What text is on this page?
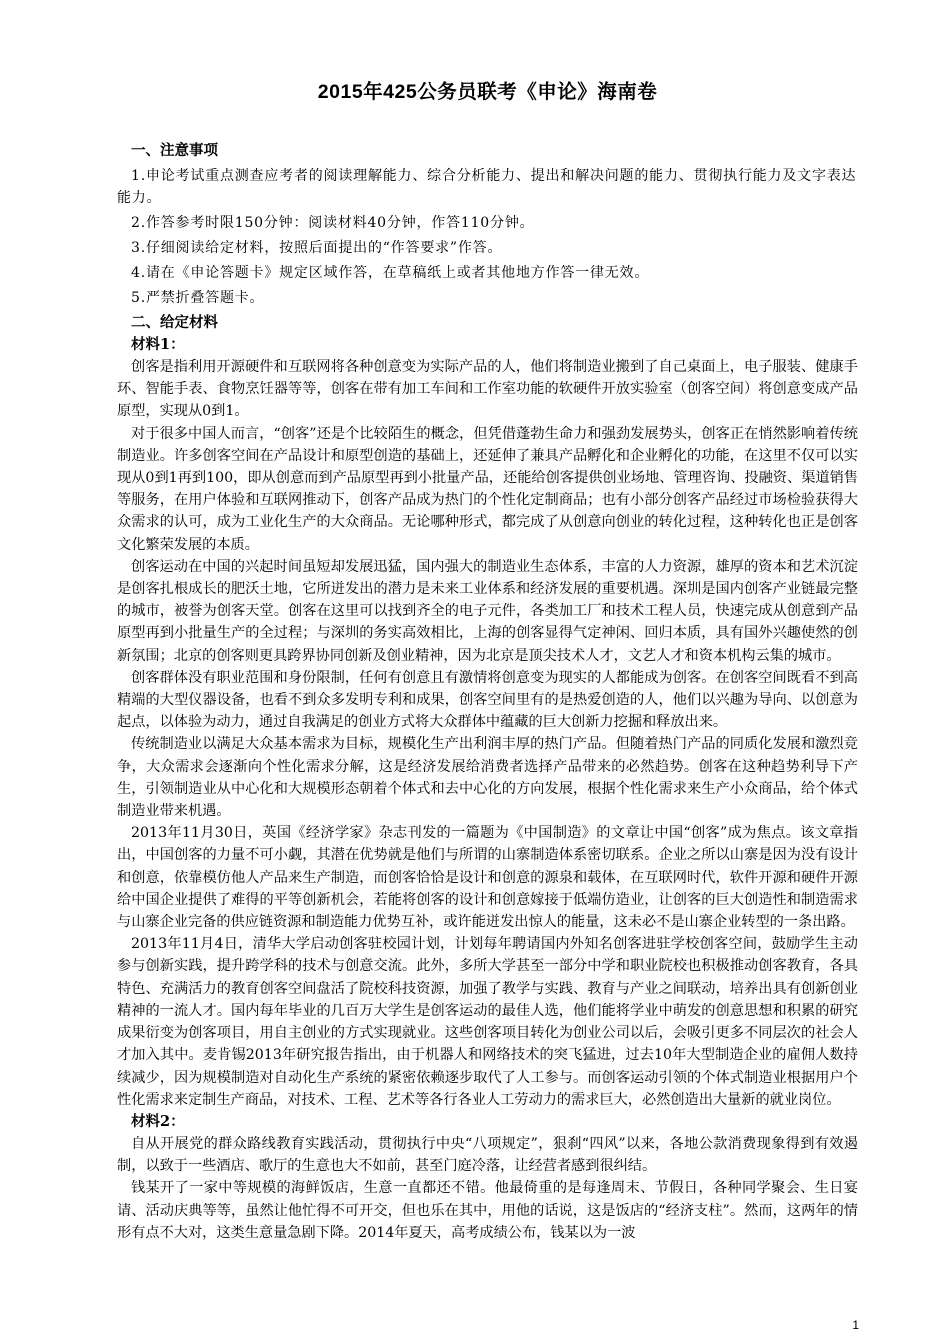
2015年425公务员联考《申论》海南卷

一、注意事项

1.申论考试重点测查应考者的阅读理解能力、综合分析能力、提出和解决问题的能力、贯彻执行能力及文字表达能力。

2.作答参考时限150分钟：阅读材料40分钟，作答110分钟。

3.仔细阅读给定材料，按照后面提出的“作答要求”作答。

4.请在《申论答题卡》规定区域作答，在草稿纸上或者其他地方作答一律无效。

5.严禁折叠答题卡。

二、给定材料

材料1：

创客是指利用开源硬件和互联网将各种创意变为实际产品的人，他们将制造业搬到了自己桌面上，电子服装、健康手环、智能手表、食物烹饪器等等，创客在带有加工车间和工作室功能的软硬件开放实验室（创客空间）将创意变成产品原型，实现从0到1。

对于很多中国人而言，“创客”还是个比较陌生的概念，但凭借蓬勃生命力和强劲发展势头，创客正在悄然影响着传统制造业。许多创客空间在产品设计和原型创造的基础上，还延伸了兼具产品孵化和企业孵化的功能，在这里不仅可以实现从0到1再到100，即从创意而到产品原型再到小批量产品，还能给创客提供创业场地、管理咨询、投融资、渠道销售等服务，在用户体验和互联网推动下，创客产品成为热门的个性化定制商品；也有小部分创客产品经过市场检验获得大众需求的认可，成为工业化生产的大众商品。无论哪种形式，都完成了从创意向创业的转化过程，这种转化也正是创客文化繁荣发展的本质。

创客运动在中国的兴起时间虽短却发展迅猛，国内强大的制造业生态体系，丰富的人力资源，雄厚的资本和艺术沉淀是创客扎根成长的肥沃土地，它所迸发出的潜力是未来工业体系和经济发展的重要机遇。深圳是国内创客产业链最完整的城市，被誉为创客天堂。创客在这里可以找到齐全的电子元件，各类加工厂和技术工程人员，快速完成从创意到产品原型再到小批量生产的全过程；与深圳的务实高效相比，上海的创客显得气定神闲、回归本质，具有国外兴趣使然的创新氛围；北京的创客则更具跨界协同创新及创业精神，因为北京是顶尖技术人才，文艺人才和资本机构云集的城市。

创客群体没有职业范围和身份限制，任何有创意且有激情将创意变为现实的人都能成为创客。在创客空间既看不到高精端的大型仪器设备，也看不到众多发明专利和成果，创客空间里有的是热爱创造的人，他们以兴趣为导向、以创意为起点，以体验为动力，通过自我满足的创业方式将大众群体中蕴藏的巨大创新力挖掘和释放出来。

传统制造业以满足大众基本需求为目标，规模化生产出利润丰厚的热门产品。但随着热门产品的同质化发展和激烈竞争，大众需求会逐渐向个性化需求分解，这是经济发展给消费者选择产品带来的必然趋势。创客在这种趋势利导下产生，引领制造业从中心化和大规模形态朝着个体式和去中心化的方向发展，根据个性化需求来生产小众商品，给个体式制造业带来机遇。

2013年11月30日，英国《经济学家》杂志刊发的一篇题为《中国制造》的文章让中国“创客”成为焦点。该文章指出，中国创客的力量不可小觑，其潜在优势就是他们与所谓的山寨制造体系密切联系。企业之所以山寨是因为没有设计和创意，依靠模仿他人产品来生产制造，而创客恰恰是设计和创意的源泉和载体，在互联网时代，软件开源和硬件开源给中国企业提供了难得的平等创新机会，若能将创客的设计和创意嫁接于低端仿造业，让创客的巨大创造性和制造需求与山寨企业完备的供应链资源和制造能力优势互补，或许能迸发出惊人的能量，这未必不是山寨企业转型的一条出路。

2013年11月4日，清华大学启动创客驻校园计划，计划每年聘请国内外知名创客进驻学校创客空间，鼓励学生主动参与创新实践，提升跨学科的技术与创意交流。此外，多所大学甚至一部分中学和职业院校也积极推动创客教育，各具特色、充满活力的教育创客空间盘活了院校科技资源，加强了教学与实践、教育与产业之间联动，培养出具有创新创业精神的一流人才。国内每年毕业的几百万大学生是创客运动的最佳人选，他们能将学业中萌发的创意思想和积累的研究成果衍变为创客项目，用自主创业的方式实现就业。这些创客项目转化为创业公司以后，会吸引更多不同层次的社会人才加入其中。麦肯锡2013年研究报告指出，由于机器人和网络技术的突飞猛进，过去10年大型制造企业的雇佣人数持续减少，因为规模制造对自动化生产系统的紧密依赖逐步取代了人工参与。而创客运动引领的个体式制造业根据用户个性化需求来定制生产商品，对技术、工程、艺术等各行各业人工劳动力的需求巨大，必然创造出大量新的就业岗位。

材料2：

自从开展党的群众路线教育实践活动，贯彻执行中央“八项规定”，狠刹“四风”以来，各地公款消费现象得到有效遏制，以致于一些酒店、歌厅的生意也大不如前，甚至门庭冷落，让经营者感到很纠结。

钱某开了一家中等规模的海鲜饭店，生意一直都还不错。他最倚重的是每逢周末、节假日，各种同学聚会、生日宴请、活动庆典等等，虽然让他忙得不可开交，但也乐在其中，用他的话说，这是饭店的“经济支柱”。然而，这两年的情形有点不大对，这类生意量急剧下降。2014年夏天，高考成绩公布，钱某以为一波

1
